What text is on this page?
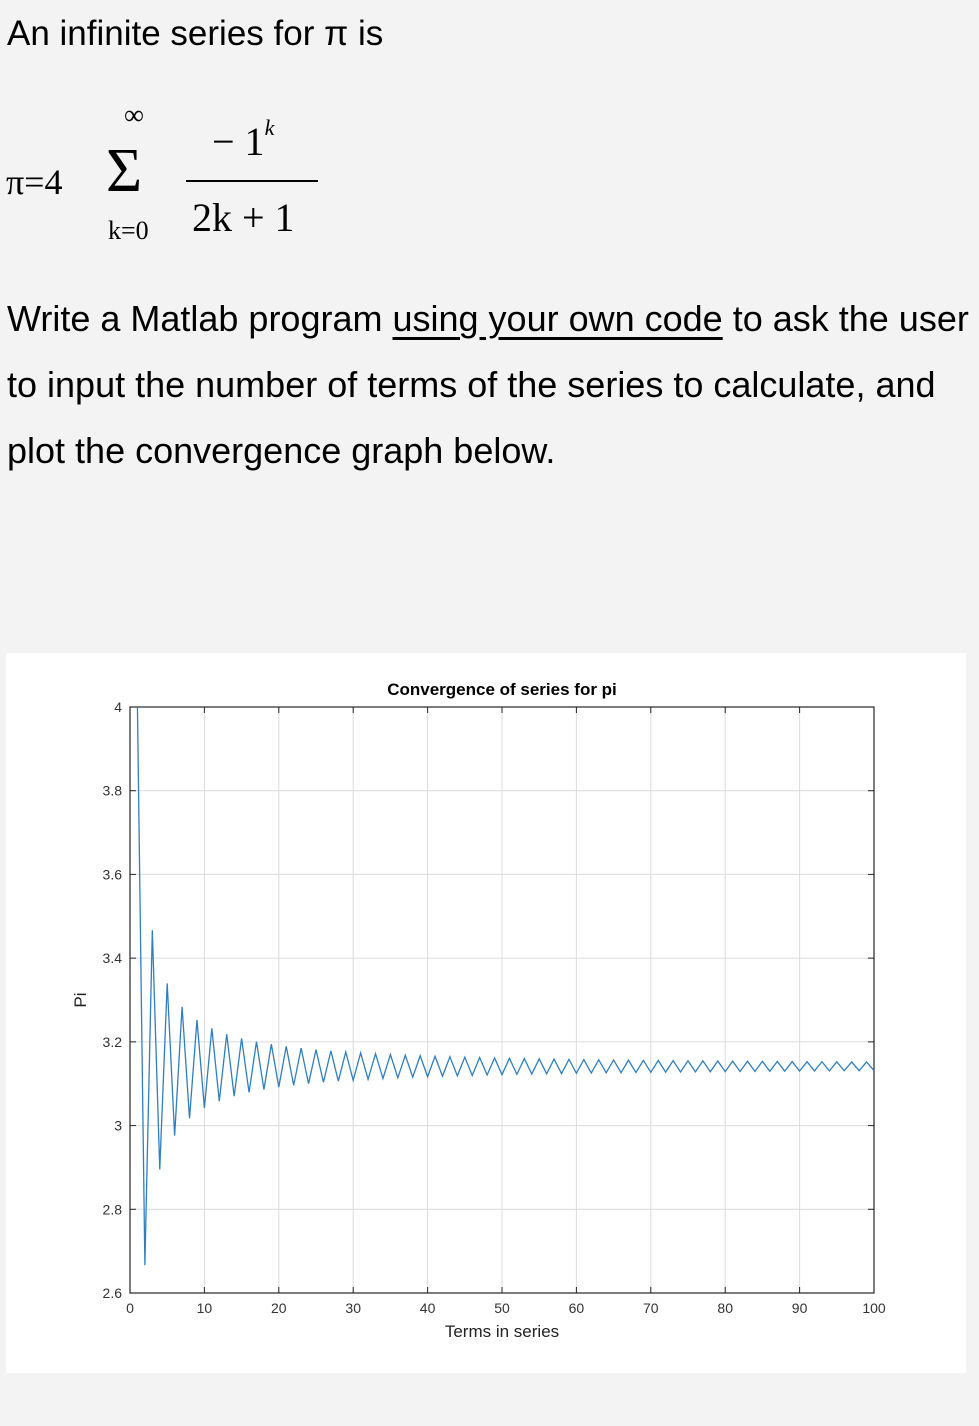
An infinite series for π is
π=4
∞
Σ
k=0
− $1^k$
2k + 1
Write a Matlab program using your own code to ask the user to input the number of terms of the series to calculate, and plot the convergence graph below.
0	10	20	30	40	50	60	70	80	90	100
2.6
2.8
3
3.2
3.4
3.6
3.8
4
Convergence of series for pi
Terms in series
Pi
